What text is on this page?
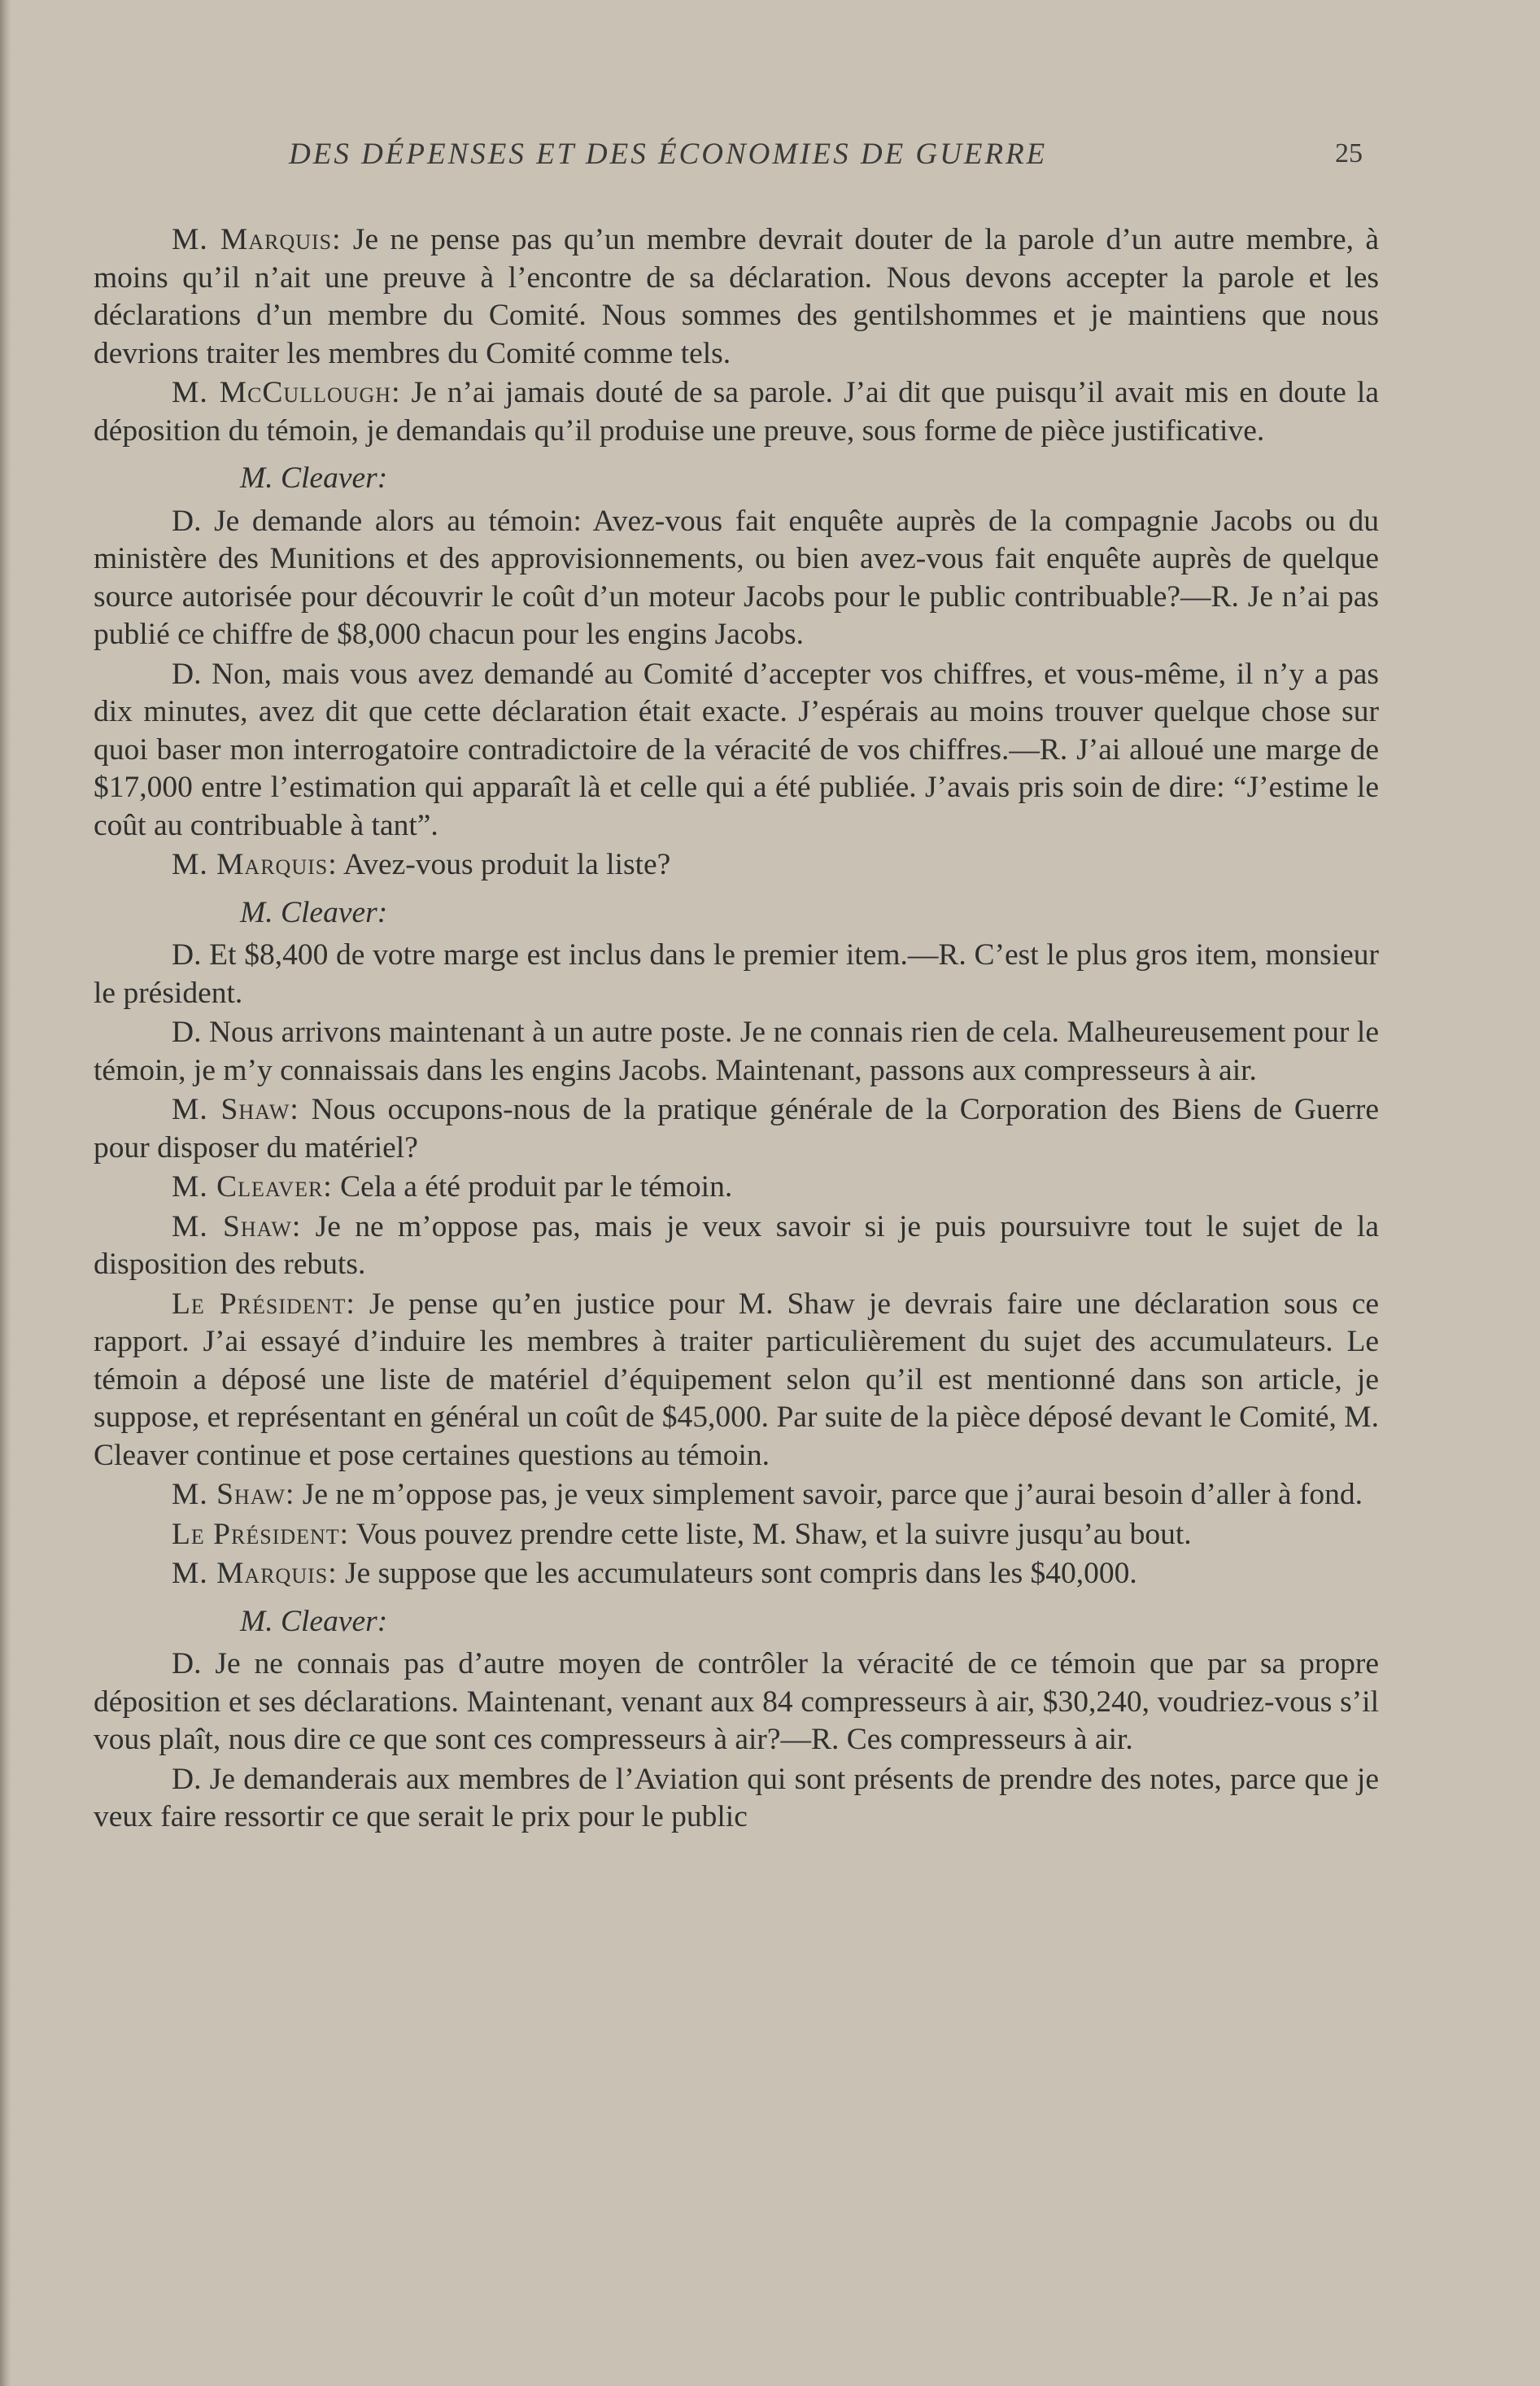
DES DÉPENSES ET DES ÉCONOMIES DE GUERRE	25

M. Marquis: Je ne pense pas qu’un membre devrait douter de la parole d’un autre membre, à moins qu’il n’ait une preuve à l’encontre de sa déclaration. Nous devons accepter la parole et les déclarations d’un membre du Comité. Nous sommes des gentilshommes et je maintiens que nous devrions traiter les membres du Comité comme tels.

M. McCullough: Je n’ai jamais douté de sa parole. J’ai dit que puisqu’il avait mis en doute la déposition du témoin, je demandais qu’il produise une preuve, sous forme de pièce justificative.

M. Cleaver:

D. Je demande alors au témoin: Avez-vous fait enquête auprès de la compagnie Jacobs ou du ministère des Munitions et des approvisionnements, ou bien avez-vous fait enquête auprès de quelque source autorisée pour découvrir le coût d’un moteur Jacobs pour le public contribuable?—R. Je n’ai pas publié ce chiffre de $8,000 chacun pour les engins Jacobs.

D. Non, mais vous avez demandé au Comité d’accepter vos chiffres, et vous-même, il n’y a pas dix minutes, avez dit que cette déclaration était exacte. J’espérais au moins trouver quelque chose sur quoi baser mon interrogatoire contradictoire de la véracité de vos chiffres.—R. J’ai alloué une marge de $17,000 entre l’estimation qui apparaît là et celle qui a été publiée. J’avais pris soin de dire: “J’estime le coût au contribuable à tant”.

M. Marquis: Avez-vous produit la liste?

M. Cleaver:

D. Et $8,400 de votre marge est inclus dans le premier item.—R. C’est le plus gros item, monsieur le président.

D. Nous arrivons maintenant à un autre poste. Je ne connais rien de cela. Malheureusement pour le témoin, je m’y connaissais dans les engins Jacobs. Maintenant, passons aux compresseurs à air.

M. Shaw: Nous occupons-nous de la pratique générale de la Corporation des Biens de Guerre pour disposer du matériel?

M. Cleaver: Cela a été produit par le témoin.

M. Shaw: Je ne m’oppose pas, mais je veux savoir si je puis poursuivre tout le sujet de la disposition des rebuts.

Le Président: Je pense qu’en justice pour M. Shaw je devrais faire une déclaration sous ce rapport. J’ai essayé d’induire les membres à traiter particulièrement du sujet des accumulateurs. Le témoin a déposé une liste de matériel d’équipement selon qu’il est mentionné dans son article, je suppose, et représentant en général un coût de $45,000. Par suite de la pièce déposé devant le Comité, M. Cleaver continue et pose certaines questions au témoin.

M. Shaw: Je ne m’oppose pas, je veux simplement savoir, parce que j’aurai besoin d’aller à fond.

Le Président: Vous pouvez prendre cette liste, M. Shaw, et la suivre jusqu’au bout.

M. Marquis: Je suppose que les accumulateurs sont compris dans les $40,000.

M. Cleaver:

D. Je ne connais pas d’autre moyen de contrôler la véracité de ce témoin que par sa propre déposition et ses déclarations. Maintenant, venant aux 84 compresseurs à air, $30,240, voudriez-vous s’il vous plaît, nous dire ce que sont ces compresseurs à air?—R. Ces compresseurs à air.

D. Je demanderais aux membres de l’Aviation qui sont présents de prendre des notes, parce que je veux faire ressortir ce que serait le prix pour le public
